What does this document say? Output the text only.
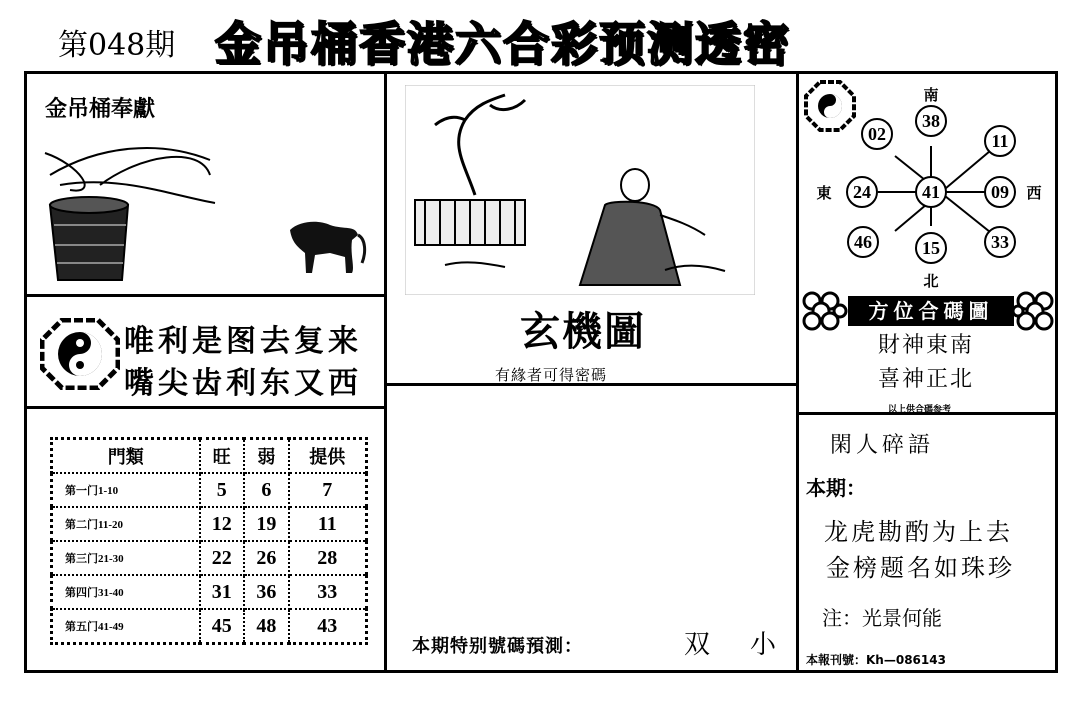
第048期 金吊桶香港六合彩预测透密
金吊桶奉獻
唯利是图去复来
嘴尖齿利东又西
門類	旺	弱	提供
第一门1-10	5	6	7
第二门11-20	12	19	11
第三门21-30	22	26	28
第四门31-40	31	36	33
第五门41-49	45	48	43
玄機圖
有緣者可得密碼
本期特别號碼預測：	双 小
南
北
東	西
02
38
11
24	41	09
46	15	33
方位合碼圖
財神東南
喜神正北
以上供合碼参考
閑人碎語
本期：
龙虎勘酌为上去
金榜题名如珠珍
注：光景何能
本報刊號：Kh—086143
